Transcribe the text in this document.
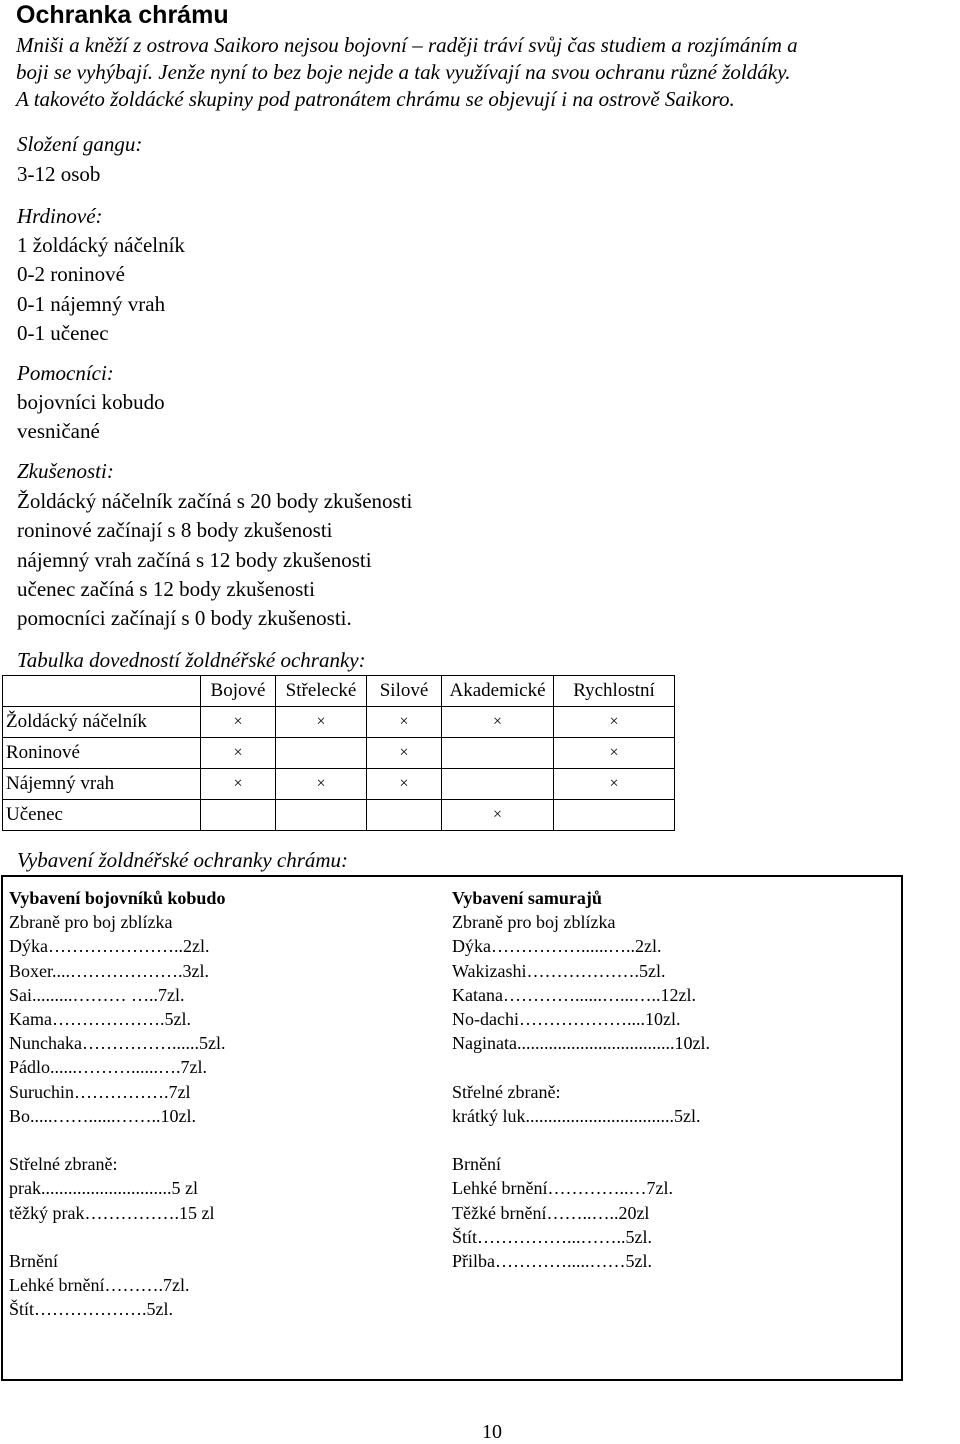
Ochranka chrámu
Mniši a kněží z ostrova Saikoro nejsou bojovní – raději tráví svůj čas studiem a rozjímáním a
boji se vyhýbají. Jenže nyní to bez boje nejde a tak využívají na svou ochranu různé žoldáky.
A takovéto žoldácké skupiny pod patronátem chrámu se objevují i na ostrově Saikoro.
Složení gangu:
3-12 osob
Hrdinové:
1 žoldácký náčelník
0-2 roninové
0-1 nájemný vrah
0-1 učenec
Pomocníci:
bojovníci kobudo
vesničané
Zkušenosti:
Žoldácký náčelník začíná s 20 body zkušenosti
roninové začínají s 8 body zkušenosti
nájemný vrah začíná s 12 body zkušenosti
učenec začíná s 12 body zkušenosti
pomocníci začínají s 0 body zkušenosti.
Tabulka dovedností žoldnéřské ochranky:
	Bojové	Střelecké	Silové	Akademické	Rychlostní
Žoldácký náčelník	×	×	×	×	×
Roninové	×		×		×
Nájemný vrah	×	×	×		×
Učenec				×	
Vybavení žoldnéřské ochranky chrámu:
Vybavení bojovníků kobudo
Zbraně pro boj zblízka
Dýka…………………..2zl.
Boxer....……………….3zl.
Sai.........……… …..7zl.
Kama……………….5zl.
Nunchaka……………......5zl.
Pádlo......………......….7zl.
Suruchin…………….7zl
Bo.....……......……..10zl.
Střelné zbraně:
prak.............................5 zl
těžký prak…………….15 zl
Brnění
Lehké brnění……….7zl.
Štít……………….5zl.
Vybavení samurajů
Zbraně pro boj zblízka
Dýka……………......…..2zl.
Wakizashi……………….5zl.
Katana…………......…...…..12zl.
No-dachi………………....10zl.
Naginata...................................10zl.
Střelné zbraně:
krátký luk.................................5zl.
Brnění
Lehké brnění…………..…7zl.
Těžké brnění……..…..20zl
Štít……………...……..5zl.
Přilba………….....……5zl.
10
